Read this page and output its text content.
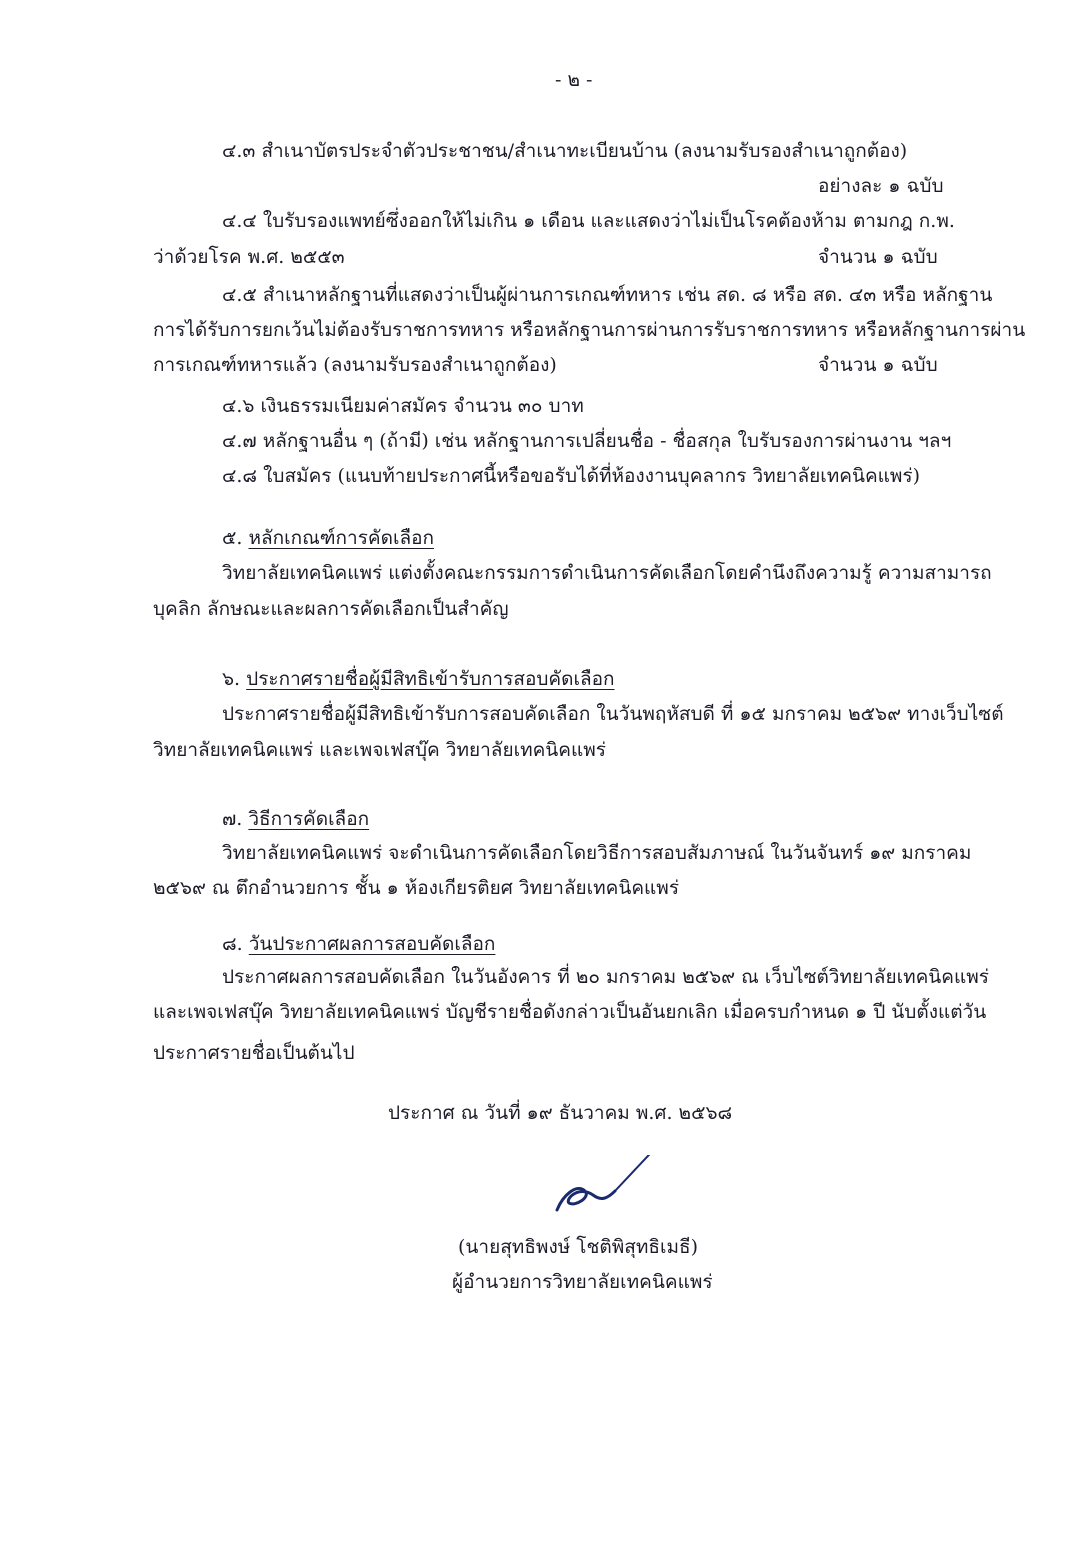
- ๒ -
๔.๓ สำเนาบัตรประจำตัวประชาชน/สำเนาทะเบียนบ้าน (ลงนามรับรองสำเนาถูกต้อง)
อย่างละ ๑ ฉบับ
๔.๔ ใบรับรองแพทย์ซึ่งออกให้ไม่เกิน ๑ เดือน และแสดงว่าไม่เป็นโรคต้องห้าม ตามกฎ ก.พ.
ว่าด้วยโรค พ.ศ. ๒๕๕๓	จำนวน ๑ ฉบับ
๔.๕ สำเนาหลักฐานที่แสดงว่าเป็นผู้ผ่านการเกณฑ์ทหาร เช่น สด. ๘ หรือ สด. ๔๓ หรือ หลักฐาน
การได้รับการยกเว้นไม่ต้องรับราชการทหาร หรือหลักฐานการผ่านการรับราชการทหาร หรือหลักฐานการผ่าน
การเกณฑ์ทหารแล้ว (ลงนามรับรองสำเนาถูกต้อง)	จำนวน ๑ ฉบับ
๔.๖ เงินธรรมเนียมค่าสมัคร จำนวน ๓๐ บาท
๔.๗ หลักฐานอื่น ๆ (ถ้ามี) เช่น หลักฐานการเปลี่ยนชื่อ - ชื่อสกุล ใบรับรองการผ่านงาน ฯลฯ
๔.๘ ใบสมัคร (แนบท้ายประกาศนี้หรือขอรับได้ที่ห้องงานบุคลากร วิทยาลัยเทคนิคแพร่)
๕. หลักเกณฑ์การคัดเลือก
วิทยาลัยเทคนิคแพร่ แต่งตั้งคณะกรรมการดำเนินการคัดเลือกโดยคำนึงถึงความรู้ ความสามารถ
บุคลิก ลักษณะและผลการคัดเลือกเป็นสำคัญ
๖. ประกาศรายชื่อผู้มีสิทธิเข้ารับการสอบคัดเลือก
ประกาศรายชื่อผู้มีสิทธิเข้ารับการสอบคัดเลือก ในวันพฤหัสบดี ที่ ๑๕ มกราคม ๒๕๖๙ ทางเว็บไซต์
วิทยาลัยเทคนิคแพร่ และเพจเฟสบุ๊ค วิทยาลัยเทคนิคแพร่
๗. วิธีการคัดเลือก
วิทยาลัยเทคนิคแพร่ จะดำเนินการคัดเลือกโดยวิธีการสอบสัมภาษณ์ ในวันจันทร์ ๑๙ มกราคม
๒๕๖๙ ณ ตึกอำนวยการ ชั้น ๑ ห้องเกียรติยศ วิทยาลัยเทคนิคแพร่
๘. วันประกาศผลการสอบคัดเลือก
ประกาศผลการสอบคัดเลือก ในวันอังคาร ที่ ๒๐ มกราคม ๒๕๖๙ ณ เว็บไซต์วิทยาลัยเทคนิคแพร่
และเพจเฟสบุ๊ค วิทยาลัยเทคนิคแพร่ บัญชีรายชื่อดังกล่าวเป็นอันยกเลิก เมื่อครบกำหนด ๑ ปี นับตั้งแต่วัน
ประกาศรายชื่อเป็นต้นไป
ประกาศ ณ วันที่ ๑๙ ธันวาคม พ.ศ. ๒๕๖๘
(นายสุทธิพงษ์ โชติพิสุทธิเมธี)
ผู้อำนวยการวิทยาลัยเทคนิคแพร่
